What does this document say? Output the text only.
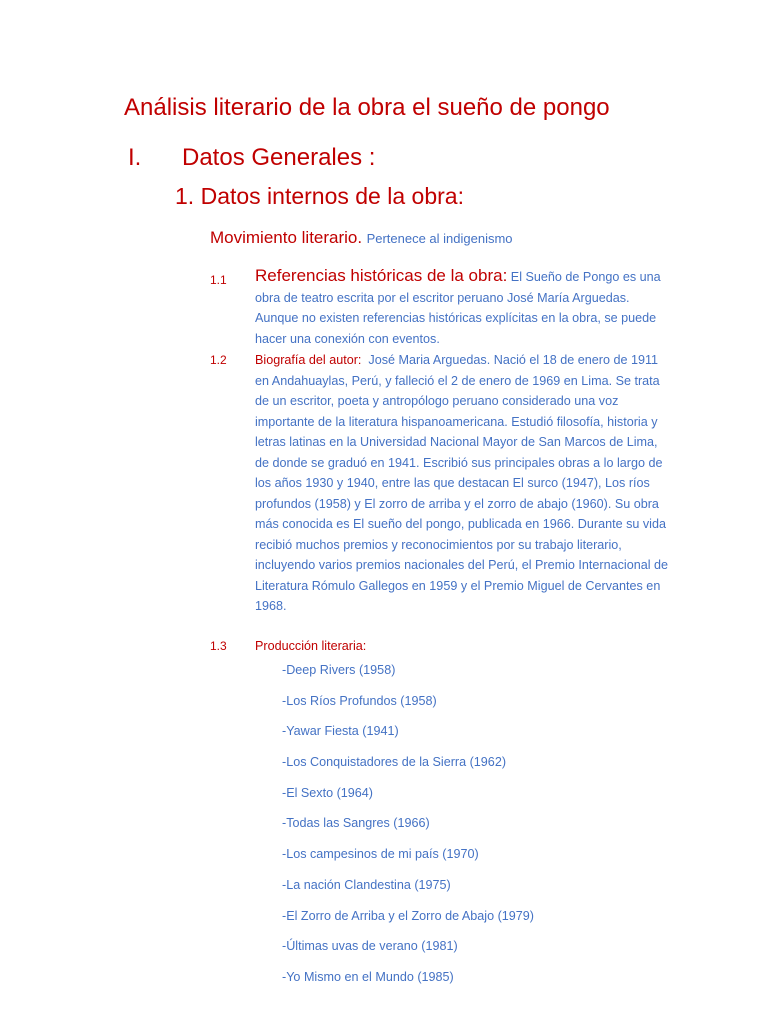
Análisis literario de la obra el sueño de pongo
I. Datos Generales :
1. Datos internos de la obra:
Movimiento literario. Pertenece al indigenismo
1.1 Referencias históricas de la obra: El Sueño de Pongo es una obra de teatro escrita por el escritor peruano José María Arguedas. Aunque no existen referencias históricas explícitas en la obra, se puede hacer una conexión con eventos.
1.2 Biografía del autor: José Maria Arguedas. Nació el 18 de enero de 1911 en Andahuaylas, Perú, y falleció el 2 de enero de 1969 en Lima. Se trata de un escritor, poeta y antropólogo peruano considerado una voz importante de la literatura hispanoamericana. Estudió filosofía, historia y letras latinas en la Universidad Nacional Mayor de San Marcos de Lima, de donde se graduó en 1941. Escribió sus principales obras a lo largo de los años 1930 y 1940, entre las que destacan El surco (1947), Los ríos profundos (1958) y El zorro de arriba y el zorro de abajo (1960). Su obra más conocida es El sueño del pongo, publicada en 1966. Durante su vida recibió muchos premios y reconocimientos por su trabajo literario, incluyendo varios premios nacionales del Perú, el Premio Internacional de Literatura Rómulo Gallegos en 1959 y el Premio Miguel de Cervantes en 1968.
1.3 Producción literaria:
-Deep Rivers (1958)
-Los Ríos Profundos (1958)
-Yawar Fiesta (1941)
-Los Conquistadores de la Sierra (1962)
-El Sexto (1964)
-Todas las Sangres (1966)
-Los campesinos de mi país (1970)
-La nación Clandestina (1975)
-El Zorro de Arriba y el Zorro de Abajo (1979)
-Últimas uvas de verano (1981)
-Yo Mismo en el Mundo (1985)
